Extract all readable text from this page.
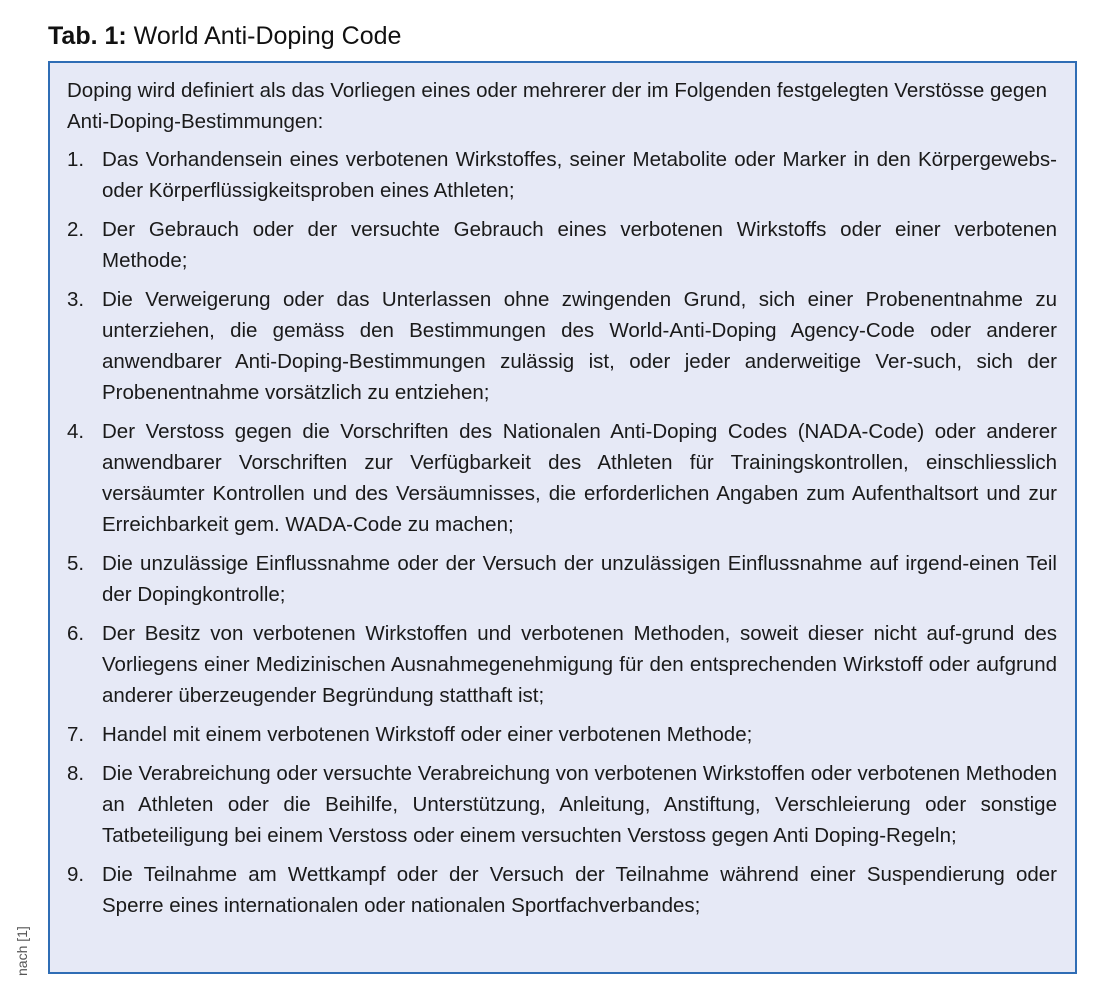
Tab. 1: World Anti-Doping Code

Doping wird definiert als das Vorliegen eines oder mehrerer der im Folgenden festgelegten Verstösse gegen Anti-Doping-Bestimmungen:

1. Das Vorhandensein eines verbotenen Wirkstoffes, seiner Metabolite oder Marker in den Körpergewebs- oder Körperflüssigkeitsproben eines Athleten;
2. Der Gebrauch oder der versuchte Gebrauch eines verbotenen Wirkstoffs oder einer verbotenen Methode;
3. Die Verweigerung oder das Unterlassen ohne zwingenden Grund, sich einer Probenentnahme zu unterziehen, die gemäss den Bestimmungen des World-Anti-Doping Agency-Code oder anderer anwendbarer Anti-Doping-Bestimmungen zulässig ist, oder jeder anderweitige Ver-such, sich der Probenentnahme vorsätzlich zu entziehen;
4. Der Verstoss gegen die Vorschriften des Nationalen Anti-Doping Codes (NADA-Code) oder anderer anwendbarer Vorschriften zur Verfügbarkeit des Athleten für Trainingskontrollen, einschliesslich versäumter Kontrollen und des Versäumnisses, die erforderlichen Angaben zum Aufenthaltsort und zur Erreichbarkeit gem. WADA-Code zu machen;
5. Die unzulässige Einflussnahme oder der Versuch der unzulässigen Einflussnahme auf irgend-einen Teil der Dopingkontrolle;
6. Der Besitz von verbotenen Wirkstoffen und verbotenen Methoden, soweit dieser nicht auf-grund des Vorliegens einer Medizinischen Ausnahmegenehmigung für den entsprechenden Wirkstoff oder aufgrund anderer überzeugender Begründung statthaft ist;
7. Handel mit einem verbotenen Wirkstoff oder einer verbotenen Methode;
8. Die Verabreichung oder versuchte Verabreichung von verbotenen Wirkstoffen oder verbotenen Methoden an Athleten oder die Beihilfe, Unterstützung, Anleitung, Anstiftung, Verschleierung oder sonstige Tatbeteiligung bei einem Verstoss oder einem versuchten Verstoss gegen Anti Doping-Regeln;
9. Die Teilnahme am Wettkampf oder der Versuch der Teilnahme während einer Suspendierung oder Sperre eines internationalen oder nationalen Sportfachverbandes;
nach [1]
